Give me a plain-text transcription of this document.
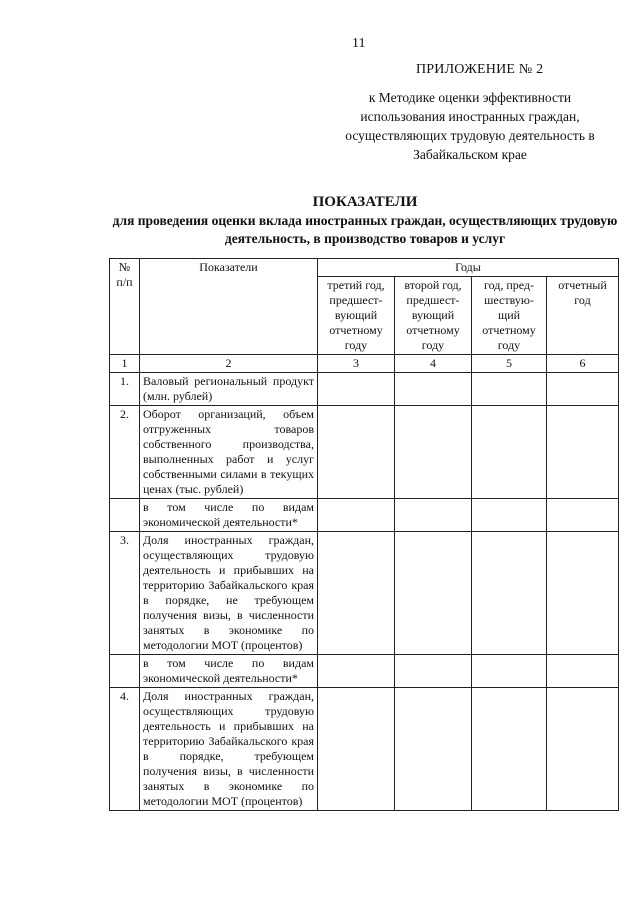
11
ПРИЛОЖЕНИЕ № 2
к Методике оценки эффективности использования иностранных граждан, осуществляющих трудовую деятельность в Забайкальском крае
ПОКАЗАТЕЛИ
для проведения оценки вклада иностранных граждан, осуществляющих трудовую деятельность, в производство товаров и услуг
№ п/п	Показатели	Годы			
		третий год, предшест-вующий отчетному году	второй год, предшест-вующий отчетному году	год, пред-шествую-щий отчетному году	отчетный год
1	2	3	4	5	6
1.	Валовый региональный продукт (млн. рублей)				
2.	Оборот организаций, объем отгруженных товаров собственного производства, выполненных работ и услуг собственными силами в текущих ценах (тыс. рублей)				
	в том числе по видам экономической деятельности*				
3.	Доля иностранных граждан, осуществляющих трудовую деятельность и прибывших на территорию Забайкальского края в порядке, не требующем получения визы, в численности занятых в экономике по методологии МОТ (процентов)				
	в том числе по видам экономической деятельности*				
4.	Доля иностранных граждан, осуществляющих трудовую деятельность и прибывших на территорию Забайкальского края в порядке, требующем получения визы, в численности занятых в экономике по методологии МОТ (процентов)				
